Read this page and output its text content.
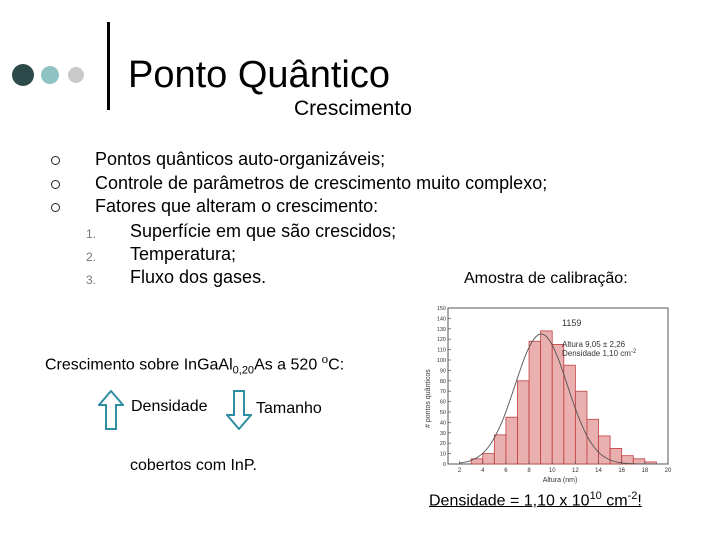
Ponto Quântico
Crescimento
Pontos quânticos auto-organizáveis;
Controle de parâmetros de crescimento muito complexo;
Fatores que alteram o crescimento:
1. Superfície em que são crescidos;
2. Temperatura;
3. Fluxo dos gases.	Amostra de calibração:
Crescimento sobre InGaAl$_{0,20}$As a 520 $^o$C:
Densidade	Tamanho
cobertos com InP.
Densidade = 1,10 x $10^{10}$ $cm^{-2}$!
0
10
20
30
40
50
60
70
80
90
100
110
120
130
140
150
2	4	6	8	10	12	14	16	18	20
# pontos quânticos
Altura (nm)
1159
Altura 9,05 ± 2,26
Densidade 1,10 $cm^{-2}$
